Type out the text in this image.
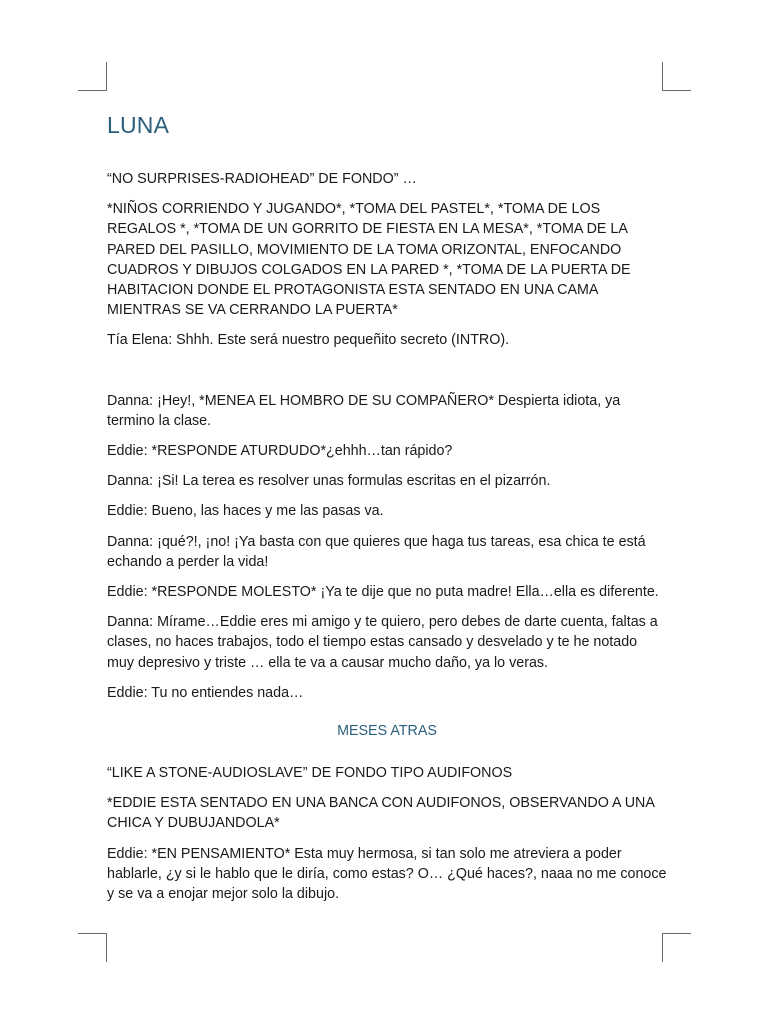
LUNA

“NO SURPRISES-RADIOHEAD” DE FONDO” …

*NIÑOS CORRIENDO Y JUGANDO*, *TOMA DEL PASTEL*, *TOMA DE LOS REGALOS *, *TOMA DE UN GORRITO DE FIESTA EN LA MESA*, *TOMA DE LA PARED DEL PASILLO, MOVIMIENTO DE LA TOMA ORIZONTAL, ENFOCANDO CUADROS Y DIBUJOS COLGADOS EN LA PARED *, *TOMA DE LA PUERTA DE HABITACION DONDE EL PROTAGONISTA ESTA SENTADO EN UNA CAMA MIENTRAS SE VA CERRANDO LA PUERTA*

Tía Elena: Shhh. Este será nuestro pequeñito secreto (INTRO).

Danna: ¡Hey!, *MENEA EL HOMBRO DE SU COMPAÑERO* Despierta idiota, ya termino la clase.

Eddie: *RESPONDE ATURDUDO*¿ehhh…tan rápido?

Danna: ¡Si! La terea es resolver unas formulas escritas en el pizarrón.

Eddie: Bueno, las haces y me las pasas va.

Danna: ¡qué?!, ¡no! ¡Ya basta con que quieres que haga tus tareas, esa chica te está echando a perder la vida!

Eddie: *RESPONDE MOLESTO* ¡Ya te dije que no puta madre! Ella…ella es diferente.

Danna: Mírame…Eddie eres mi amigo y te quiero, pero debes de darte cuenta, faltas a clases, no haces trabajos, todo el tiempo estas cansado y desvelado y te he notado muy depresivo y triste … ella te va a causar mucho daño, ya lo veras.

Eddie: Tu no entiendes nada…

MESES ATRAS

“LIKE A STONE-AUDIOSLAVE” DE FONDO TIPO AUDIFONOS

*EDDIE ESTA SENTADO EN UNA BANCA CON AUDIFONOS, OBSERVANDO A UNA CHICA Y DUBUJANDOLA*

Eddie: *EN PENSAMIENTO* Esta muy hermosa, si tan solo me atreviera a poder hablarle, ¿y si le hablo que le diría, como estas? O… ¿Qué haces?, naaa no me conoce y se va a enojar mejor solo la dibujo.
